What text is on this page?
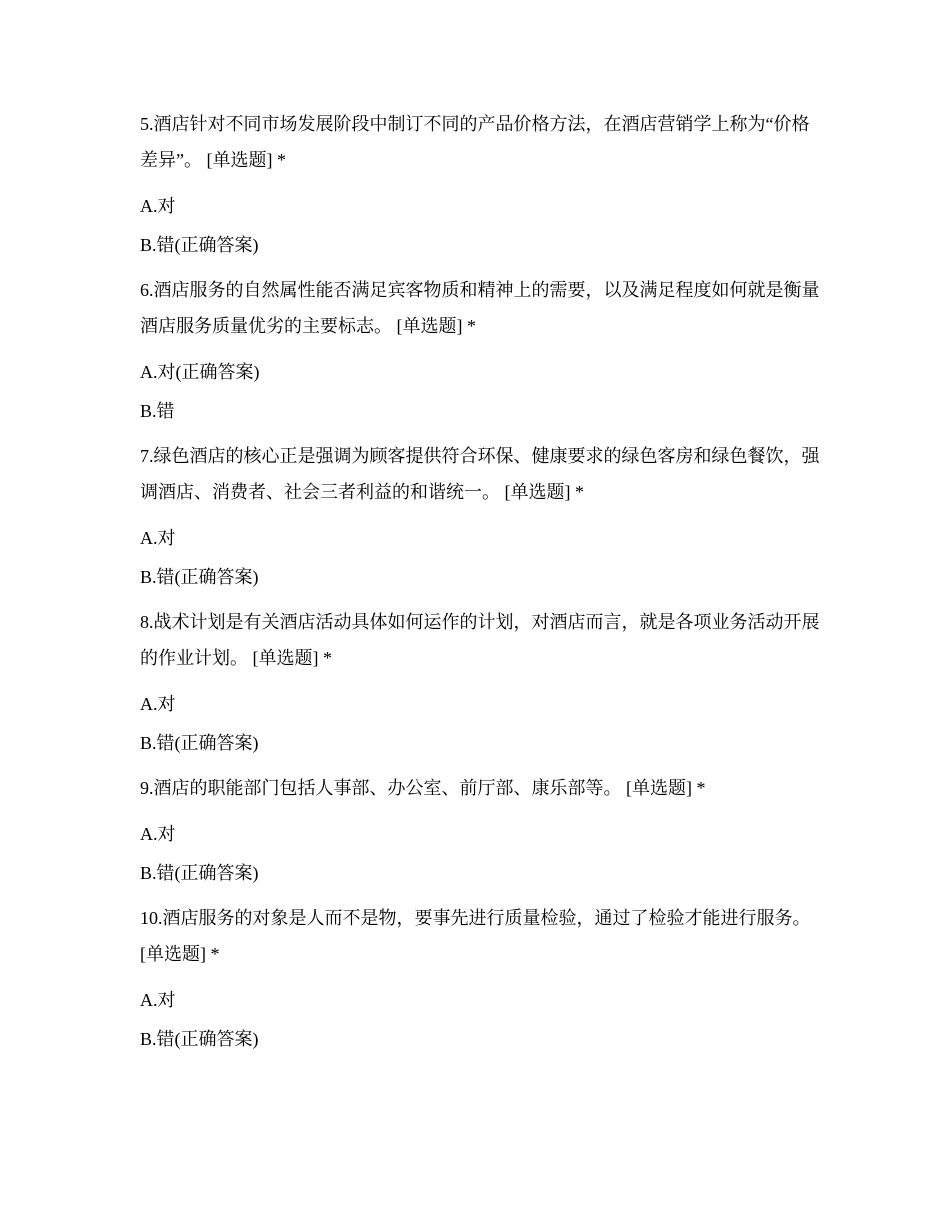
5.酒店针对不同市场发展阶段中制订不同的产品价格方法，在酒店营销学上称为“价格差异”。 [单选题] *

A.对

B.错(正确答案)

6.酒店服务的自然属性能否满足宾客物质和精神上的需要，以及满足程度如何就是衡量酒店服务质量优劣的主要标志。 [单选题] *

A.对(正确答案)

B.错

7.绿色酒店的核心正是强调为顾客提供符合环保、健康要求的绿色客房和绿色餐饮，强调酒店、消费者、社会三者利益的和谐统一。 [单选题] *

A.对

B.错(正确答案)

8.战术计划是有关酒店活动具体如何运作的计划，对酒店而言，就是各项业务活动开展的作业计划。 [单选题] *

A.对

B.错(正确答案)

9.酒店的职能部门包括人事部、办公室、前厅部、康乐部等。 [单选题] *

A.对

B.错(正确答案)

10.酒店服务的对象是人而不是物，要事先进行质量检验，通过了检验才能进行服务。 [单选题] *

A.对

B.错(正确答案)
